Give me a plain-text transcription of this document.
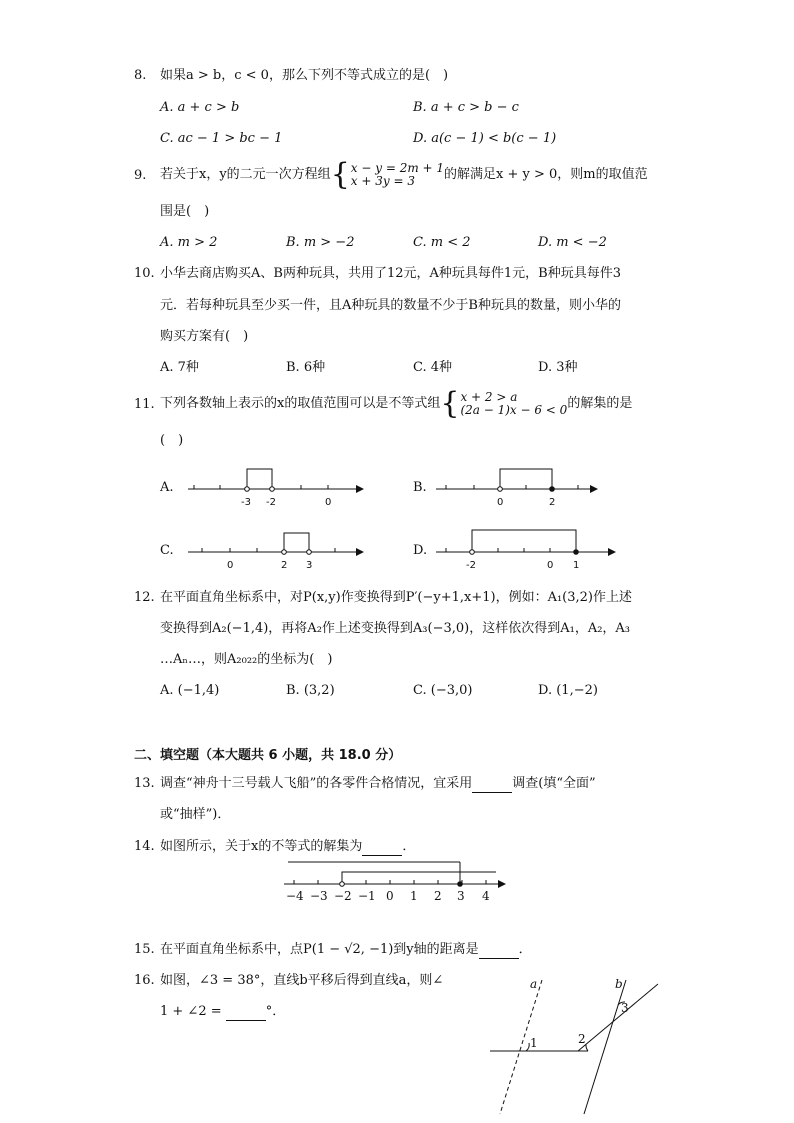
8. 如果a > b，c < 0，那么下列不等式成立的是(　)
A. a + c > b	B. a + c > b − c
C. ac − 1 > bc − 1	D. a(c − 1) < b(c − 1)
9. 若关于x，y的二元一次方程组 { x − y = 2m + 1
x + 3y = 3	的解满足x + y > 0，则m的取值范
围是(　)
A. m > 2	B. m > −2	C. m < 2	D. m < −2
10. 小华去商店购买A、B两种玩具，共用了12元，A种玩具每件1元，B种玩具每件3
元．若每种玩具至少买一件，且A种玩具的数量不少于B种玩具的数量，则小华的
购买方案有(　)
A. 7种	B. 6种	C. 4种	D. 3种
11. 下列各数轴上表示的x的取值范围可以是不等式组 { x + 2 > a
(2a − 1)x − 6 < 0 的解集的是
(　)
A.
-3 -2	0
B.
0	2
C.
0	2 3
D.
-2	0 1
12. 在平面直角坐标系中，对P(x,y)作变换得到P′(−y+1,x+1)，例如：A₁(3,2)作上述
变换得到A₂(−1,4)，再将A₂作上述变换得到A₃(−3,0)，这样依次得到A₁，A₂，A₃
…Aₙ…，则A₂₀₂₂的坐标为(　)
A. (−1,4)	B. (3,2)	C. (−3,0)	D. (1,−2)
二、填空题（本大题共 6 小题，共 18.0 分）
13. 调查“神舟十三号载人飞船”的各零件合格情况，宜采用	调查(填“全面”
或“抽样”)．
14. 如图所示，关于x的不等式的解集为	．
−4 −3 −2 −1 0 1 2 3 4
15. 在平面直角坐标系中，点P(1 − √2, −1)到y轴的距离是	．
16. 如图，∠3 = 38°，直线b平移后得到直线a，则∠
1 + ∠2 =	°．
a	b
1	2
3
